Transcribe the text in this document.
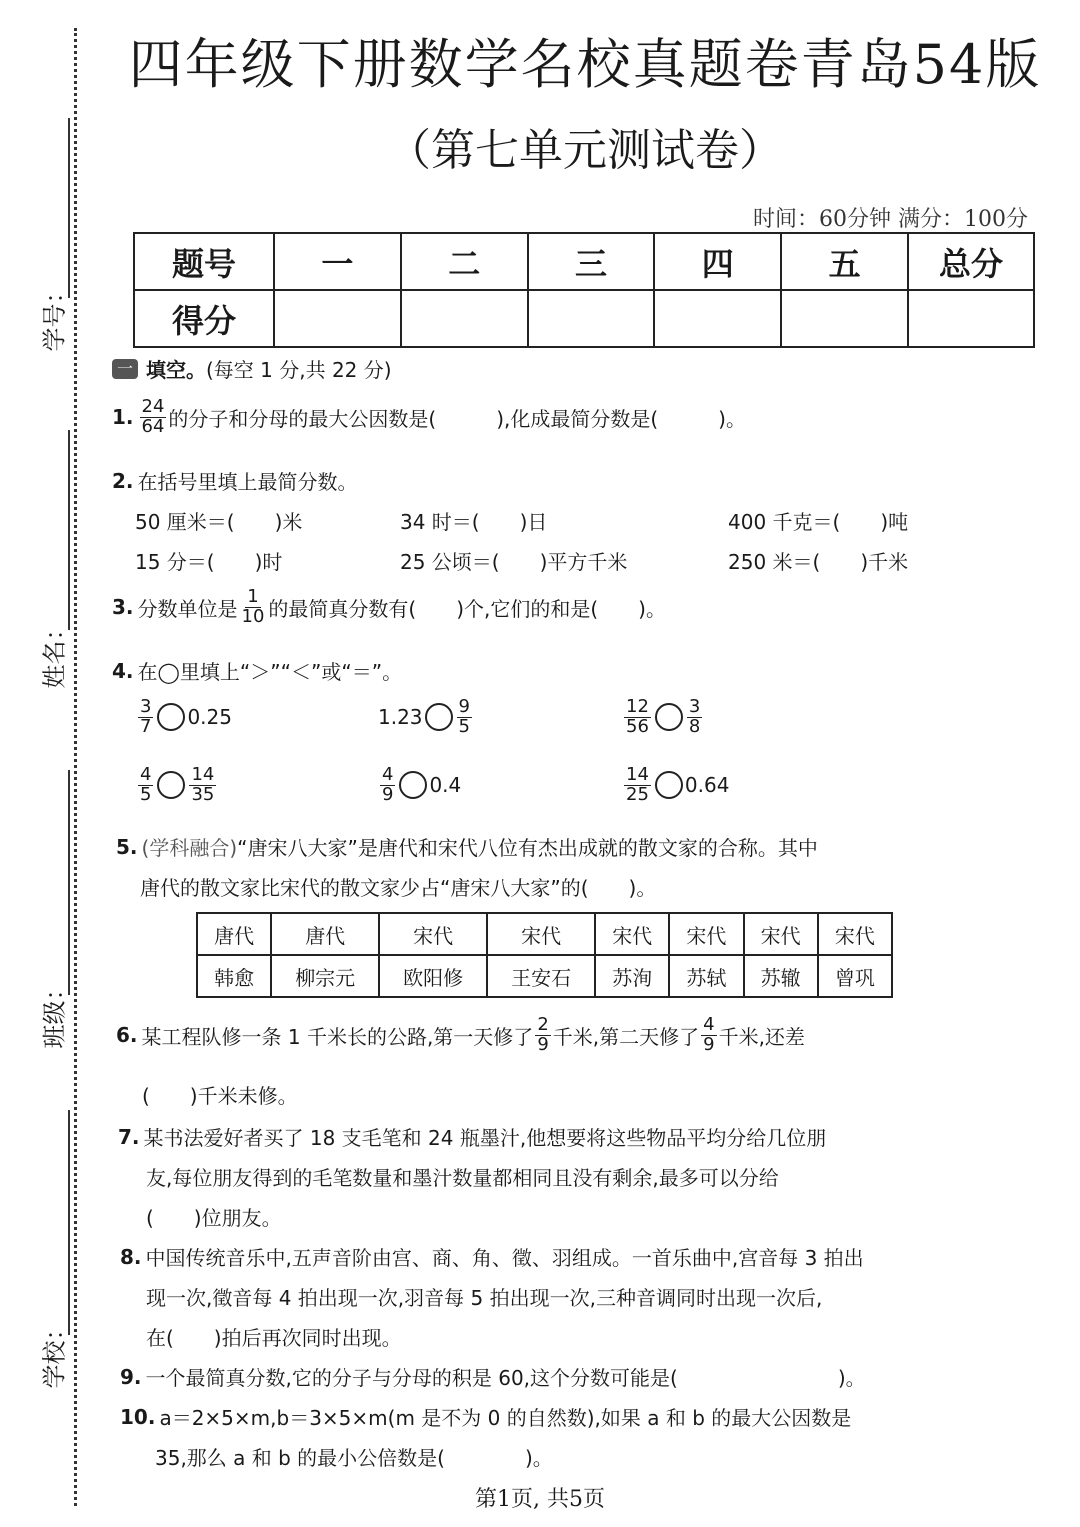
学号：
姓名：
班级：
学校：
四年级下册数学名校真题卷青岛54版
（第七单元测试卷）
时间：60分钟 满分：100分
题号	一	二	三	四	五	总分
得分						
一 填空。 (每空 1 分,共 22 分)
1. $\frac{24}{64}$ 的分子和分母的最大公因数是(　　　),化成最简分数是(　　　)。
2. 在括号里填上最简分数。
50 厘米＝(　　)米	34 时＝(　　)日	400 千克＝(　　)吨
15 分＝(　　)时	25 公顷＝(　　)平方千米	250 米＝(　　)千米
3. 分数单位是 $\frac{1}{10}$ 的最简真分数有(　　)个,它们的和是(　　)。
4. 在◯里填上“＞”“＜”或“＝”。
$\frac{3}{7} 0.25$	$1.23 \frac{9}{5}$	$\frac{12}{56} \frac{3}{8}$
$\frac{4}{5} \frac{14}{35}$	$\frac{4}{9} 0.4$	$\frac{14}{25} 0.64$
5. (学科融合) “唐宋八大家”是唐代和宋代八位有杰出成就的散文家的合称。其中
唐代的散文家比宋代的散文家少占“唐宋八大家”的(　　)。
唐代	唐代	宋代	宋代	宋代	宋代	宋代	宋代
韩愈	柳宗元	欧阳修	王安石	苏洵	苏轼	苏辙	曾巩
6. 某工程队修一条 1 千米长的公路,第一天修了 $\frac{2}{9}$ 千米,第二天修了 $\frac{4}{9}$ 千米,还差
(　　)千米未修。
7. 某书法爱好者买了 18 支毛笔和 24 瓶墨汁,他想要将这些物品平均分给几位朋
友,每位朋友得到的毛笔数量和墨汁数量都相同且没有剩余,最多可以分给
(　　)位朋友。
8. 中国传统音乐中,五声音阶由宫、商、角、徵、羽组成。一首乐曲中,宫音每 3 拍出
现一次,徵音每 4 拍出现一次,羽音每 5 拍出现一次,三种音调同时出现一次后,
在(　　)拍后再次同时出现。
9. 一个最简真分数,它的分子与分母的积是 60,这个分数可能是(　　　　　　　　)。
10. a＝2×5×m,b＝3×5×m(m 是不为 0 的自然数),如果 a 和 b 的最大公因数是
35,那么 a 和 b 的最小公倍数是(　　　　)。
第1页, 共5页
